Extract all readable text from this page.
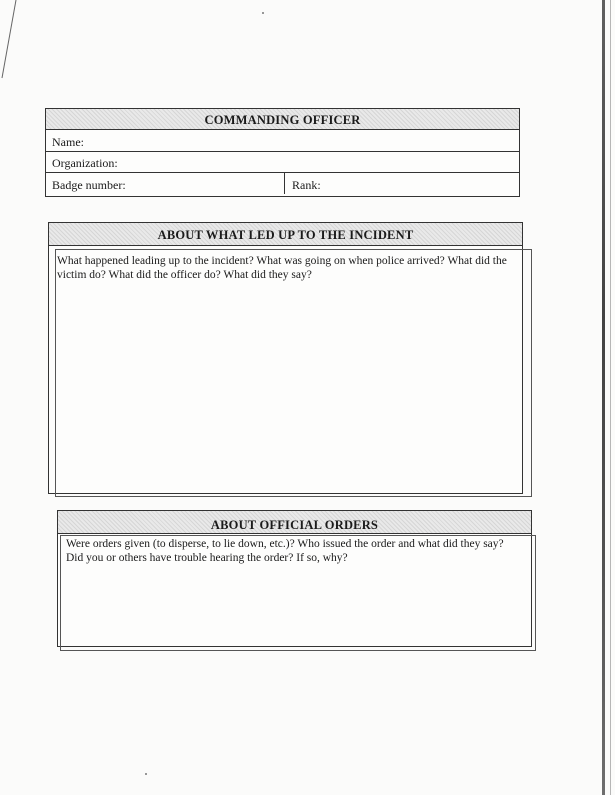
COMMANDING OFFICER
Name:
Organization:
Badge number:	Rank:
ABOUT WHAT LED UP TO THE INCIDENT
What happened leading up to the incident? What was going on when police arrived? What did the victim do? What did the officer do? What did they say?
ABOUT OFFICIAL ORDERS
Were orders given (to disperse, to lie down, etc.)? Who issued the order and what did they say? Did you or others have trouble hearing the order? If so, why?
